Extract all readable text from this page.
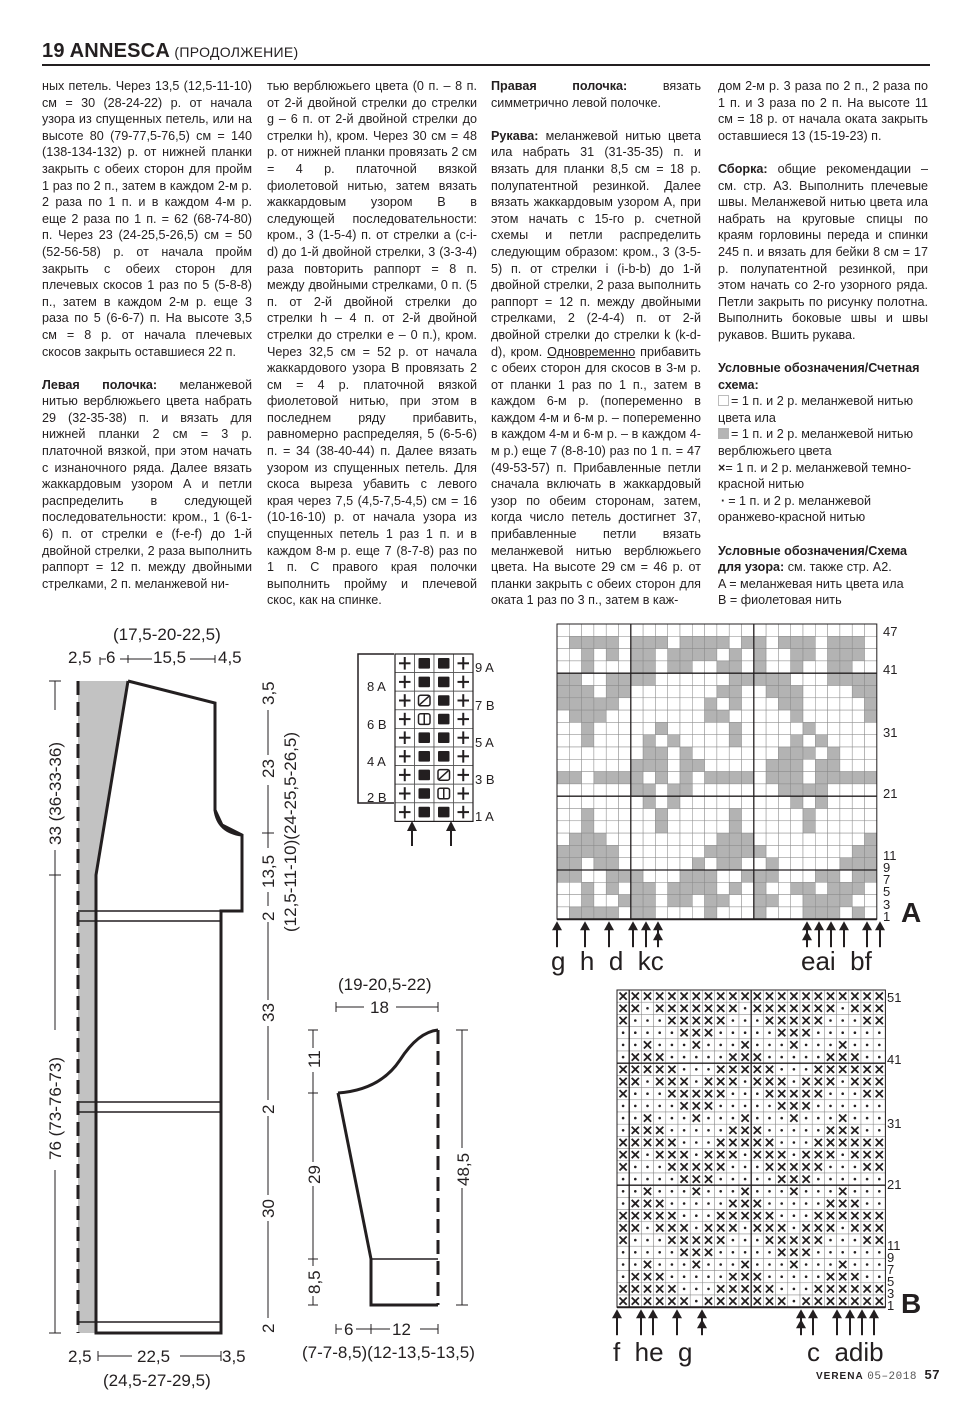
19 ANNESCA (ПРОДОЛЖЕНИЕ)

ных петель. Через 13,5 (12,5-11-10) см = 30 (28-24-22) р. от начала узора из спущенных петель, или на высоте 80 (79-77,5-76,5) см = 140 (138-134-132) р. от нижней планки закрыть с обеих сторон для пройм 1 раз по 2 п., затем в каждом 2-м р. 2 раза по 1 п. и в каждом 4-м р. еще 2 раза по 1 п. = 62 (68-74-80) п. Через 23 (24-25,5-26,5) см = 50 (52-56-58) р. от начала пройм закрыть с обеих сторон для плечевых скосов 1 раз по 5 (5-8-8) п., затем в каждом 2-м р. еще 3 раза по 5 (6-6-7) п. На высоте 3,5 см = 8 р. от начала плечевых скосов закрыть оставшиеся 22 п.

Левая полочка: меланжевой нитью верблюжьего цвета набрать 29 (32-35-38) п. и вязать для нижней планки 2 см = 3 р. платочной вязкой, при этом начать с изнаночного ряда. Далее вязать жаккардовым узором А и петли распределить в следующей последовательности: кром., 1 (6-1-6) п. от стрелки е (f-e-f) до 1-й двойной стрелки, 2 раза выполнить раппорт = 12 п. между двойными стрелками, 2 п. меланжевой ни-

тью верблюжьего цвета (0 п. – 8 п. от 2-й двойной стрелки до стрелки g – 6 п. от 2-й двойной стрелки до стрелки h), кром. Через 30 см = 48 р. от нижней планки провязать 2 см = 4 р. платочной вязкой фиолетовой нитью, затем вязать жаккардовым узором В в следующей последовательности: кром., 3 (1-5-4) п. от стрелки a (c-i-d) до 1-й двойной стрелки, 3 (3-3-4) раза повторить раппорт = 8 п. между двойными стрелками, 0 п. (5 п. от 2-й двойной стрелки до стрелки h – 4 п. от 2-й двойной стрелки до стрелки e – 0 п.), кром. Через 32,5 см = 52 р. от начала жаккардового узора В провязать 2 см = 4 р. платочной вязкой фиолетовой нитью, при этом в последнем ряду прибавить, равномерно распределяя, 5 (6-5-6) п. = 34 (38-40-44) п. Далее вязать узором из спущенных петель. Для скоса выреза убавить с левого края через 7,5 (4,5-7,5-4,5) см = 16 (10-16-10) р. от начала узора из спущенных петель 1 раз 1 п. и в каждом 8-м р. еще 7 (8-7-8) раз по 1 п. С правого края полочки выполнить пройму и плечевой скос, как на спинке.

Правая полочка:	вязать симметрично левой полочке.

Рукава: меланжевой нитью цвета ила набрать 31 (31-35-35) п. и вязать для планки 8,5 см = 18 р. полупатентной резинкой. Далее вязать жаккардовым узором А, при этом начать с 15-го р. счетной схемы и петли распределить следующим образом: кром., 3 (3-5-5) п. от стрелки i (i-b-b) до 1-й двойной стрелки, 2 раза выполнить раппорт = 12 п. между двойными стрелками, 2 (2-4-4) п. от 2-й двойной стрелки до стрелки k (k-d-d), кром. Одновременно прибавить с обеих сторон для скосов в 3-м р. от планки 1 раз по 1 п., затем в каждом 6-м р. (попеременно в каждом 4-м и 6-м р. – попеременно в каждом 4-м и 6-м р. – в каждом 4-м р.) еще 7 (8-8-10) раз по 1 п. = 47 (49-53-57) п. Прибавленные петли сначала включать в жаккардовый узор по обеим сторонам, затем, когда число петель достигнет 37, прибавленные петли вязать меланжевой нитью верблюжьего цвета. На высоте 29 см = 46 р. от планки закрыть с обеих сторон для оката 1 раз по 3 п., затем в каж-

дом 2-м р. 3 раза по 2 п., 2 раза по 1 п. и 3 раза по 2 п. На высоте 11 см = 18 р. от начала оката закрыть оставшиеся 13 (15-19-23) п.

Сборка: общие рекомендации – см. стр. А3. Выполнить плечевые швы. Меланжевой нитью цвета ила набрать на круговые спицы по краям горловины переда и спинки 245 п. и вязать для бейки 8 см = 17 р. полупатентной резинкой, при этом начать со 2-го узорного ряда. Петли закрыть по рисунку полотна. Выполнить боковые швы и швы рукавов. Вшить рукава.

Условные обозначения/Счетная схема:

= 1 п. и 2 р. меланжевой нитью цвета ила

= 1 п. и 2 р. меланжевой нитью верблюжьего цвета

×= 1 п. и 2 р. меланжевой темно-красной нитью

· = 1 п. и 2 р. меланжевой оранжево-красной нитью

Условные обозначения/Схема для узора: см. также стр. А2.

A = меланжевая нить цвета ила

B = фиолетовая нить

(17,5-20-22,5)
2,5 6 15,5 4,5
33 (36-33-36)
76 (73-76-73)
3,5
23
13,5
2
33
2
30
2
(12,5-11-10)(24-25,5-26,5)
2,5	22,5	3,5
(24,5-27-29,5)
8 A
6 B
4 A
2 B
9 A
7 B
5 A
3 B
1 A
(19-20,5-22)
18
11
29
8,5
48,5
6 12
(7-7-8,5)(12-13,5-13,5)
47
41
31
21
11
9
7
5
3
1 A
g  h  d  kc	eai  bf
51
41
31
21
11
9
7
5
3
1 B
f  he  g	c  adib
VERENA 05–2018 57
